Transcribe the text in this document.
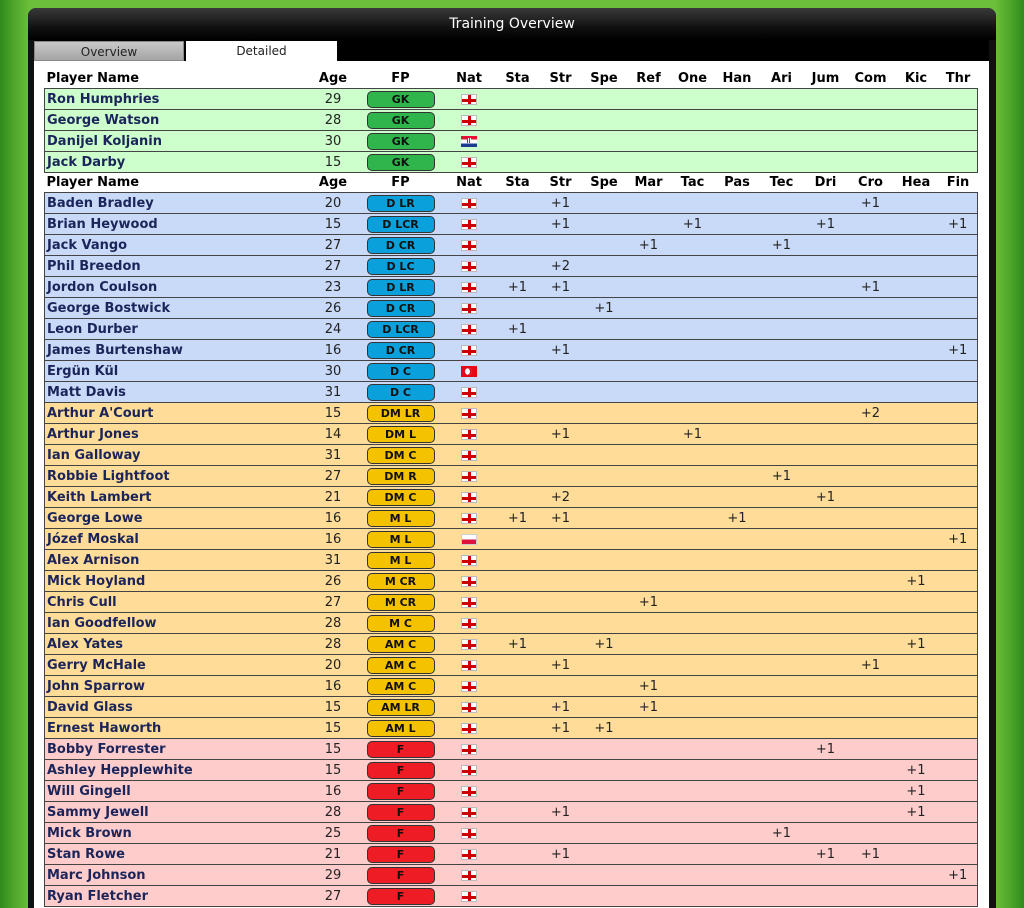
Training Overview
Overview	Detailed
Player Name	Age	FP	Nat	Sta	Str	Spe	Ref	One	Han	Ari	Jum	Com	Kic	Thr
Ron Humphries	29	GK												
George Watson	28	GK												
Danijel Koljanin	30	GK												
Jack Darby	15	GK												
Player Name	Age	FP	Nat	Sta	Str	Spe	Mar	Tac	Pas	Tec	Dri	Cro	Hea	Fin
Baden Bradley	20	D LR			+1							+1		
Brian Heywood	15	D LCR			+1			+1			+1			+1
Jack Vango	27	D CR					+1			+1				
Phil Breedon	27	D LC			+2									
Jordon Coulson	23	D LR		+1	+1							+1		
George Bostwick	26	D CR				+1								
Leon Durber	24	D LCR		+1										
James Burtenshaw	16	D CR			+1									+1
Ergün Kül	30	D C												
Matt Davis	31	D C												
Arthur A'Court	15	DM LR										+2		
Arthur Jones	14	DM L			+1			+1						
Ian Galloway	31	DM C												
Robbie Lightfoot	27	DM R								+1				
Keith Lambert	21	DM C			+2						+1			
George Lowe	16	M L		+1	+1				+1					
Józef Moskal	16	M L												+1
Alex Arnison	31	M L												
Mick Hoyland	26	M CR											+1	
Chris Cull	27	M CR					+1							
Ian Goodfellow	28	M C												
Alex Yates	28	AM C		+1		+1							+1	
Gerry McHale	20	AM C			+1							+1		
John Sparrow	16	AM C					+1							
David Glass	15	AM LR			+1		+1							
Ernest Haworth	15	AM L			+1	+1								
Bobby Forrester	15	F									+1			
Ashley Hepplewhite	15	F											+1	
Will Gingell	16	F											+1	
Sammy Jewell	28	F			+1								+1	
Mick Brown	25	F								+1				
Stan Rowe	21	F			+1						+1	+1		
Marc Johnson	29	F												+1
Ryan Fletcher	27	F												
